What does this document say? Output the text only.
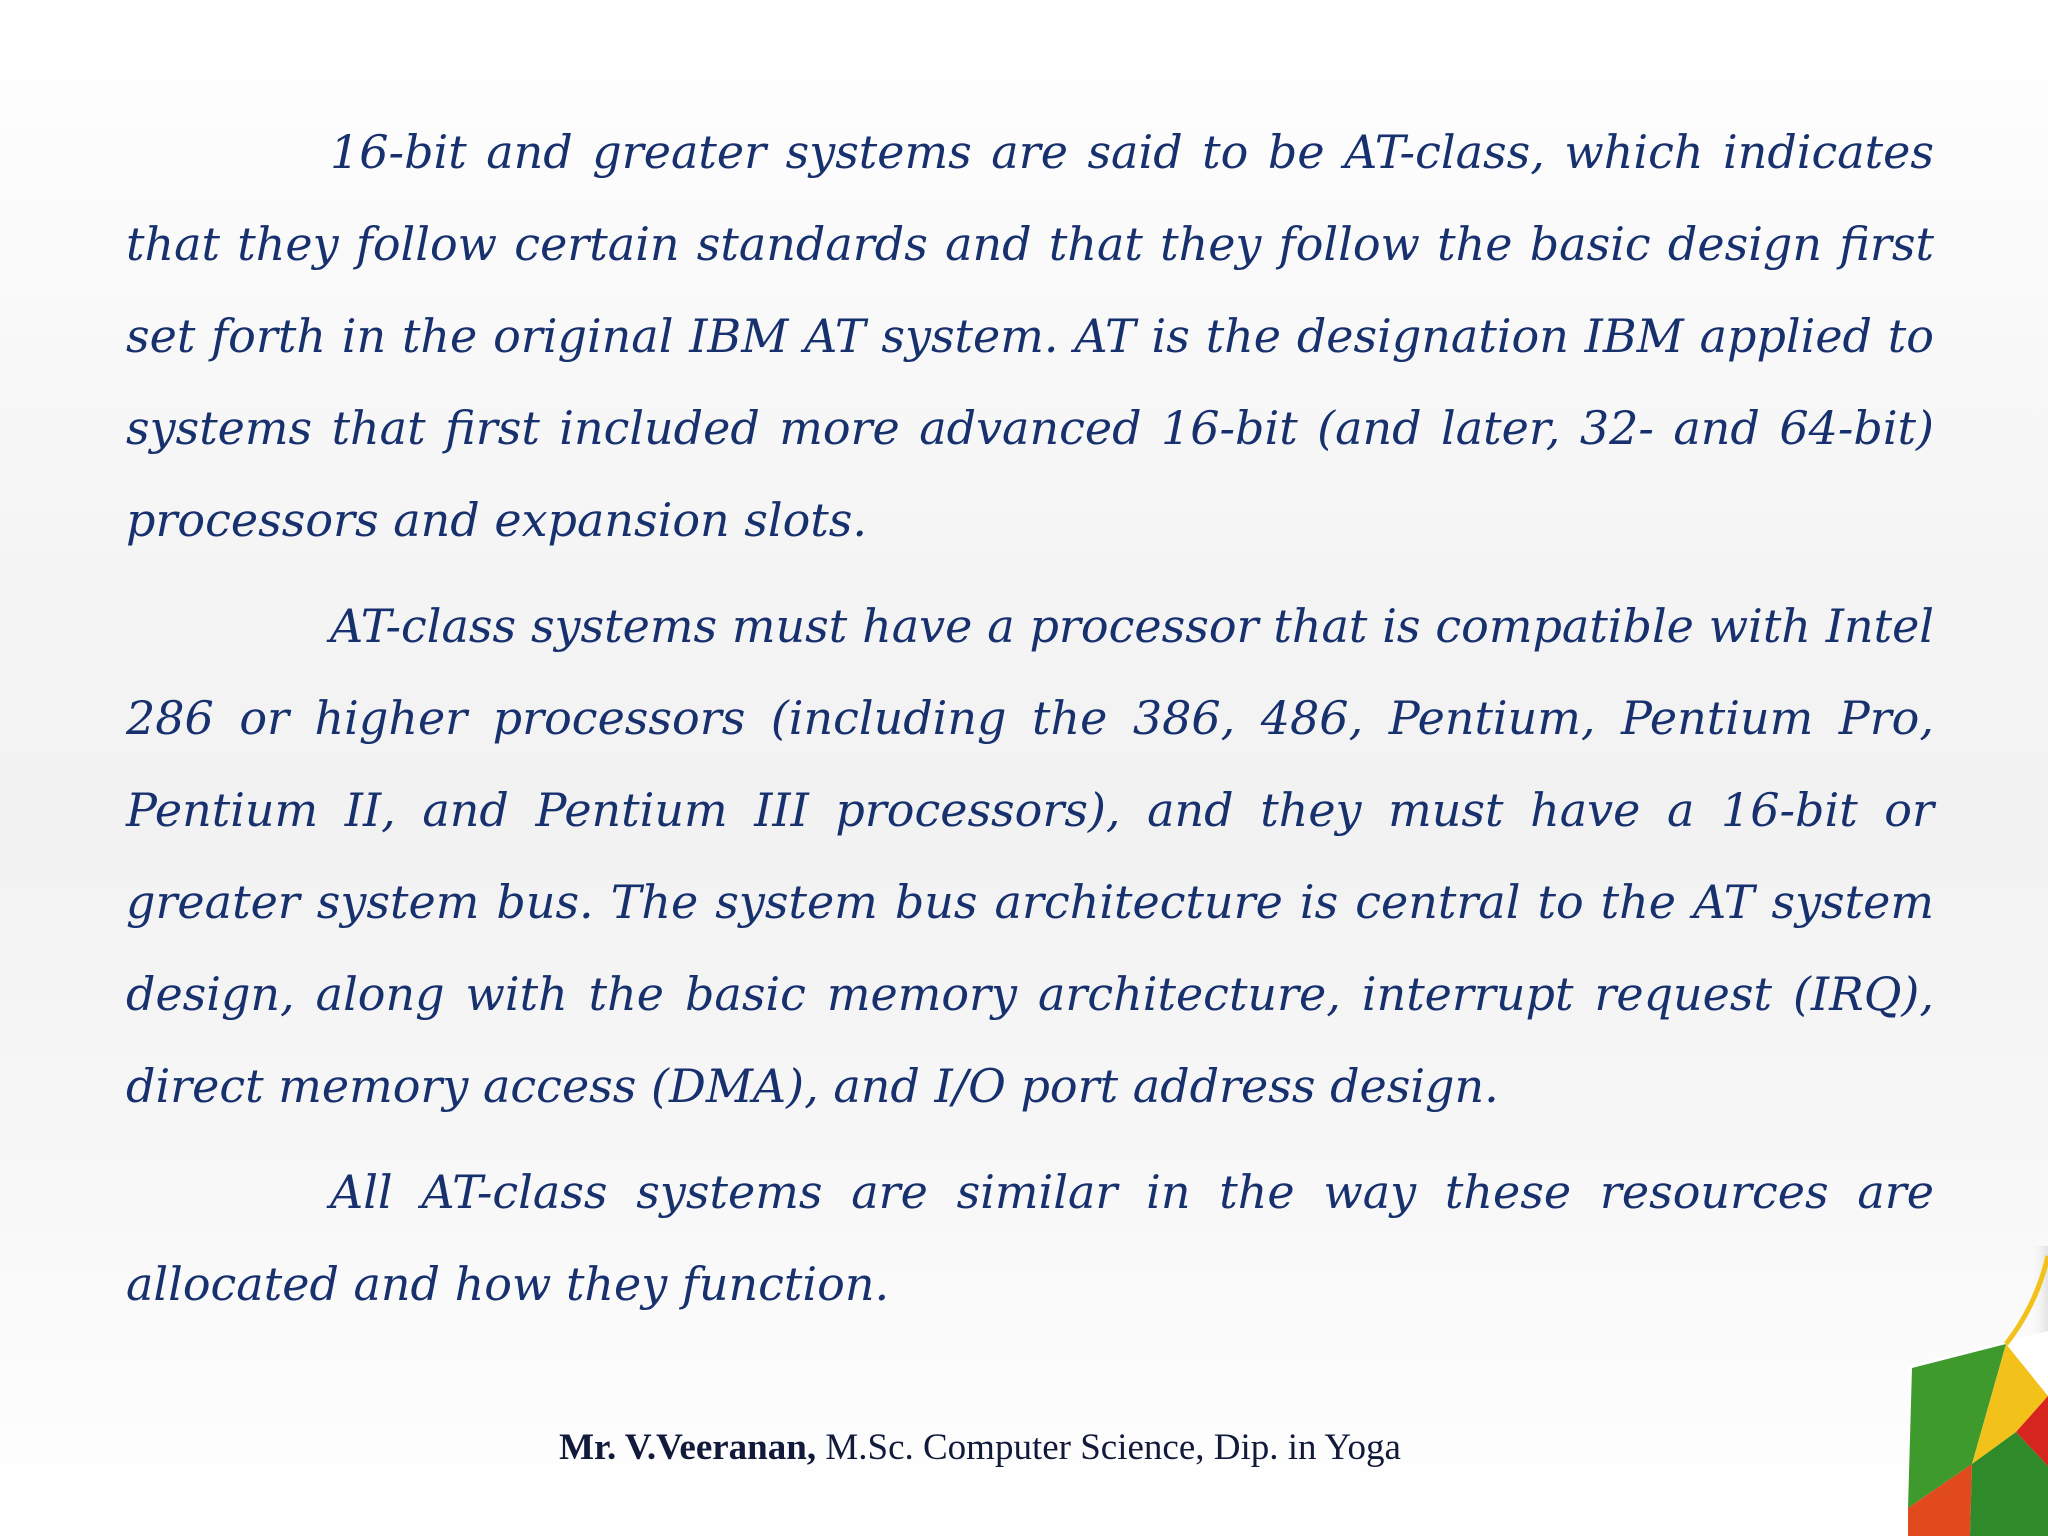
16-bit and greater systems are said to be AT-class, which indicates that they follow certain standards and that they follow the basic design first set forth in the original IBM AT system. AT is the designation IBM applied to systems that first included more advanced 16-bit (and later, 32- and 64-bit) processors and expansion slots.

AT-class systems must have a processor that is compatible with Intel 286 or higher processors (including the 386, 486, Pentium, Pentium Pro, Pentium II, and Pentium III processors), and they must have a 16-bit or greater system bus. The system bus architecture is central to the AT system design, along with the basic memory architecture, interrupt request (IRQ), direct memory access (DMA), and I/O port address design.

All AT-class systems are similar in the way these resources are allocated and how they function.

Mr. V.Veeranan, M.Sc. Computer Science, Dip. in Yoga
